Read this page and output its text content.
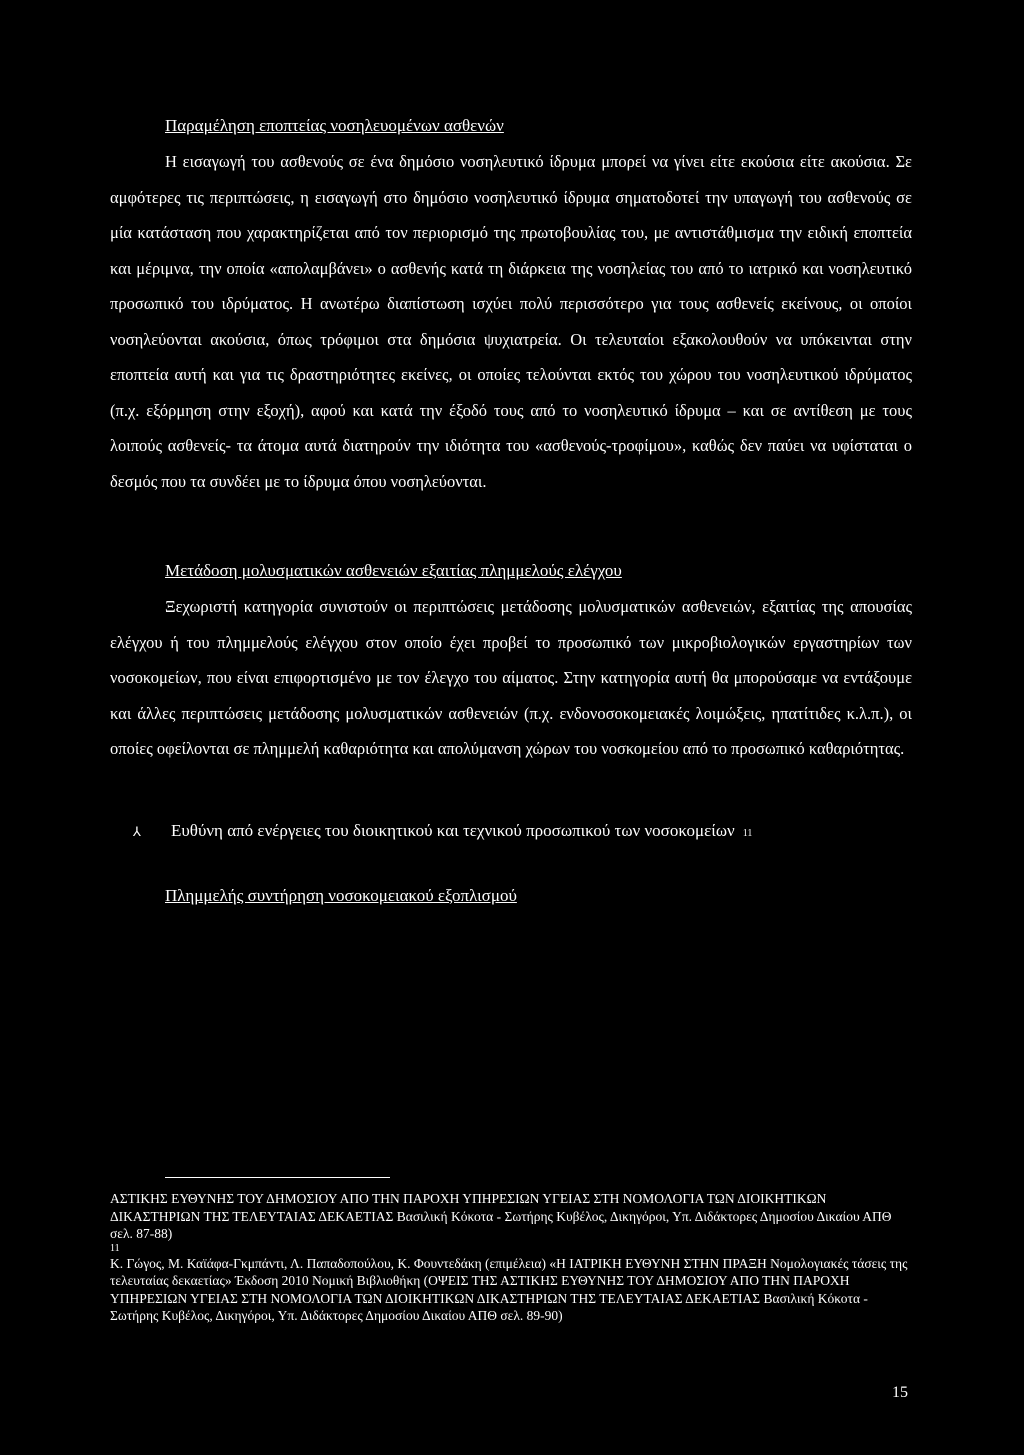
Παραμέληση εποπτείας νοσηλευομένων ασθενών

Η εισαγωγή του ασθενούς σε ένα δημόσιο νοσηλευτικό ίδρυμα μπορεί να γίνει είτε εκούσια είτε ακούσια. Σε αμφότερες τις περιπτώσεις, η εισαγωγή στο δημόσιο νοσηλευτικό ίδρυμα σηματοδοτεί την υπαγωγή του ασθενούς σε μία κατάσταση που χαρακτηρίζεται από τον περιορισμό της πρωτοβουλίας του, με αντιστάθμισμα την ειδική εποπτεία και μέριμνα, την οποία «απολαμβάνει» ο ασθενής κατά τη διάρκεια της νοσηλείας του από το ιατρικό και νοσηλευτικό προσωπικό του ιδρύματος. Η ανωτέρω διαπίστωση ισχύει πολύ περισσότερο για τους ασθενείς εκείνους, οι οποίοι νοσηλεύονται ακούσια, όπως τρόφιμοι στα δημόσια ψυχιατρεία. Οι τελευταίοι εξακολουθούν να υπόκεινται στην εποπτεία αυτή και για τις δραστηριότητες εκείνες, οι οποίες τελούνται εκτός του χώρου του νοσηλευτικού ιδρύματος (π.χ. εξόρμηση στην εξοχή), αφού και κατά την έξοδό τους από το νοσηλευτικό ίδρυμα – και σε αντίθεση με τους λοιπούς ασθενείς- τα άτομα αυτά διατηρούν την ιδιότητα του «ασθενούς-τροφίμου», καθώς δεν παύει να υφίσταται ο δεσμός που τα συνδέει με το ίδρυμα όπου νοσηλεύονται.

Μετάδοση μολυσματικών ασθενειών εξαιτίας πλημμελούς ελέγχου

Ξεχωριστή κατηγορία συνιστούν οι περιπτώσεις μετάδοσης μολυσματικών ασθενειών, εξαιτίας της απουσίας ελέγχου ή του πλημμελούς ελέγχου στον οποίο έχει προβεί το προσωπικό των μικροβιολογικών εργαστηρίων των νοσοκομείων, που είναι επιφορτισμένο με τον έλεγχο του αίματος. Στην κατηγορία αυτή θα μπορούσαμε να εντάξουμε και άλλες περιπτώσεις μετάδοσης μολυσματικών ασθενειών (π.χ. ενδονοσοκομειακές λοιμώξεις, ηπατίτιδες κ.λ.π.), οι οποίες οφείλονται σε πλημμελή καθαριότητα και απολύμανση χώρων του νοσκομείου από το προσωπικό καθαριότητας.

⅄	Ευθύνη από ενέργειες του διοικητικού και τεχνικού προσωπικού των νοσοκομείων 11
Πλημμελής συντήρηση νοσοκομειακού εξοπλισμού

ΑΣΤΙΚΗΣ ΕΥΘΥΝΗΣ ΤΟΥ ΔΗΜΟΣΙΟΥ ΑΠΟ ΤΗΝ ΠΑΡΟΧΗ ΥΠΗΡΕΣΙΩΝ ΥΓΕΙΑΣ ΣΤΗ ΝΟΜΟΛΟΓΙΑ ΤΩΝ ΔΙΟΙΚΗΤΙΚΩΝ ΔΙΚΑΣΤΗΡΙΩΝ ΤΗΣ ΤΕΛΕΥΤΑΙΑΣ ΔΕΚΑΕΤΙΑΣ Βασιλική Κόκοτα - Σωτήρης Κυβέλος, Δικηγόροι, Υπ. Διδάκτορες Δημοσίου Δικαίου ΑΠΘ σελ. 87-88)

11

Κ. Γώγος, Μ. Καϊάφα-Γκμπάντι, Λ. Παπαδοπούλου, Κ. Φουντεδάκη (επιμέλεια) «Η ΙΑΤΡΙΚΗ ΕΥΘΥΝΗ ΣΤΗΝ ΠΡΑΞΗ Νομολογιακές τάσεις της τελευταίας δεκαετίας» Έκδοση 2010 Νομική Βιβλιοθήκη (ΟΨΕΙΣ ΤΗΣ ΑΣΤΙΚΗΣ ΕΥΘΥΝΗΣ ΤΟΥ ΔΗΜΟΣΙΟΥ ΑΠΟ ΤΗΝ ΠΑΡΟΧΗ ΥΠΗΡΕΣΙΩΝ ΥΓΕΙΑΣ ΣΤΗ ΝΟΜΟΛΟΓΙΑ ΤΩΝ ΔΙΟΙΚΗΤΙΚΩΝ ΔΙΚΑΣΤΗΡΙΩΝ ΤΗΣ ΤΕΛΕΥΤΑΙΑΣ ΔΕΚΑΕΤΙΑΣ Βασιλική Κόκοτα - Σωτήρης Κυβέλος, Δικηγόροι, Υπ. Διδάκτορες Δημοσίου Δικαίου ΑΠΘ σελ. 89-90)

15
